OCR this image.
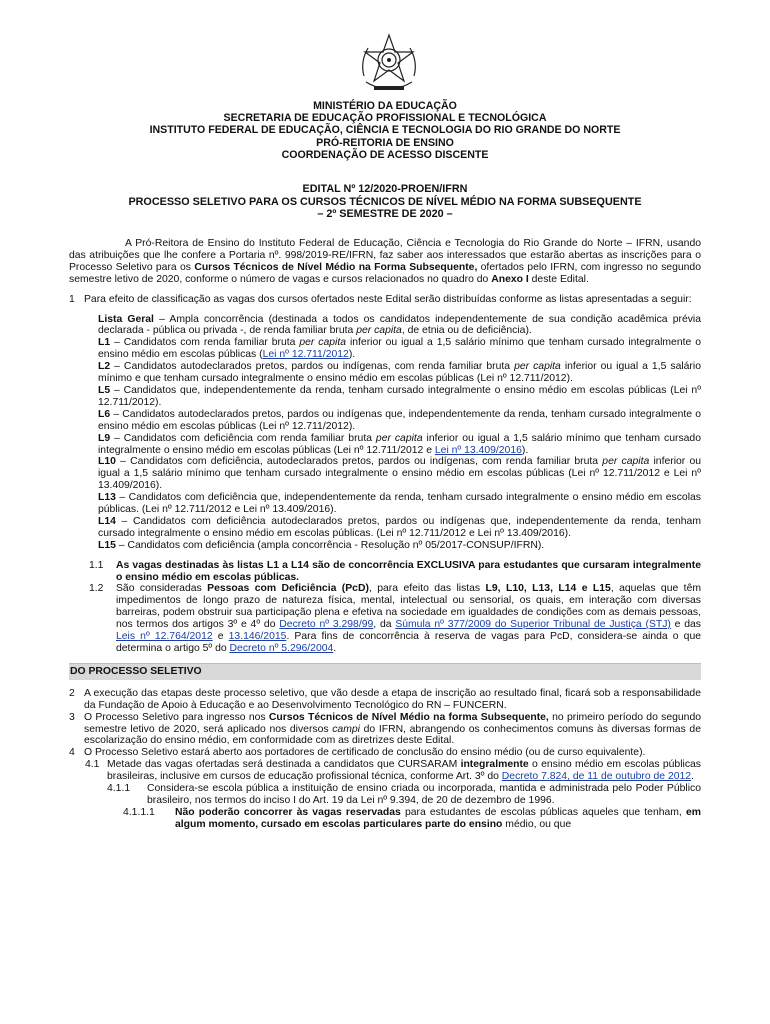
MINISTÉRIO DA EDUCAÇÃO
SECRETARIA DE EDUCAÇÃO PROFISSIONAL E TECNOLÓGICA
INSTITUTO FEDERAL DE EDUCAÇÃO, CIÊNCIA E TECNOLOGIA DO RIO GRANDE DO NORTE
PRÓ-REITORIA DE ENSINO
COORDENAÇÃO DE ACESSO DISCENTE
EDITAL Nº 12/2020-PROEN/IFRN
PROCESSO SELETIVO PARA OS CURSOS TÉCNICOS DE NÍVEL MÉDIO NA FORMA SUBSEQUENTE
– 2º SEMESTRE DE 2020 –

A Pró-Reitora de Ensino do Instituto Federal de Educação, Ciência e Tecnologia do Rio Grande do Norte – IFRN, usando das atribuições que lhe confere a Portaria nº. 998/2019-RE/IFRN, faz saber aos interessados que estarão abertas as inscrições para o Processo Seletivo para os Cursos Técnicos de Nível Médio na Forma Subsequente, ofertados pelo IFRN, com ingresso no segundo semestre letivo de 2020, conforme o número de vagas e cursos relacionados no quadro do Anexo I deste Edital.

1 Para efeito de classificação as vagas dos cursos ofertados neste Edital serão distribuídas conforme as listas apresentadas a seguir:

Lista Geral – Ampla concorrência (destinada a todos os candidatos independentemente de sua condição acadêmica prévia declarada - pública ou privada -, de renda familiar bruta per capita, de etnia ou de deficiência).

L1 – Candidatos com renda familiar bruta per capita inferior ou igual a 1,5 salário mínimo que tenham cursado integralmente o ensino médio em escolas públicas (Lei nº 12.711/2012).

L2 – Candidatos autodeclarados pretos, pardos ou indígenas, com renda familiar bruta per capita inferior ou igual a 1,5 salário mínimo e que tenham cursado integralmente o ensino médio em escolas públicas (Lei nº 12.711/2012).

L5 – Candidatos que, independentemente da renda, tenham cursado integralmente o ensino médio em escolas públicas (Lei nº 12.711/2012).

L6 – Candidatos autodeclarados pretos, pardos ou indígenas que, independentemente da renda, tenham cursado integralmente o ensino médio em escolas públicas (Lei nº 12.711/2012).

L9 – Candidatos com deficiência com renda familiar bruta per capita inferior ou igual a 1,5 salário mínimo que tenham cursado integralmente o ensino médio em escolas públicas (Lei nº 12.711/2012 e Lei nº 13.409/2016).

L10 – Candidatos com deficiência, autodeclarados pretos, pardos ou indígenas, com renda familiar bruta per capita inferior ou igual a 1,5 salário mínimo que tenham cursado integralmente o ensino médio em escolas públicas (Lei nº 12.711/2012 e Lei nº 13.409/2016).

L13 – Candidatos com deficiência que, independentemente da renda, tenham cursado integralmente o ensino médio em escolas públicas. (Lei nº 12.711/2012 e Lei nº 13.409/2016).

L14 – Candidatos com deficiência autodeclarados pretos, pardos ou indígenas que, independentemente da renda, tenham cursado integralmente o ensino médio em escolas públicas. (Lei nº 12.711/2012 e Lei nº 13.409/2016).

L15 – Candidatos com deficiência (ampla concorrência - Resolução nº 05/2017-CONSUP/IFRN).

1.1	As vagas destinadas às listas L1 a L14 são de concorrência EXCLUSIVA para estudantes que cursaram integralmente o ensino médio em escolas públicas.
1.2	São consideradas Pessoas com Deficiência (PcD), para efeito das listas L9, L10, L13, L14 e L15, aquelas que têm impedimentos de longo prazo de natureza física, mental, intelectual ou sensorial, os quais, em interação com diversas barreiras, podem obstruir sua participação plena e efetiva na sociedade em igualdades de condições com as demais pessoas, nos termos dos artigos 3º e 4º do Decreto nº 3.298/99, da Súmula nº 377/2009 do Superior Tribunal de Justiça (STJ) e das Leis nº 12.764/2012 e 13.146/2015. Para fins de concorrência à reserva de vagas para PcD, considera-se ainda o que determina o artigo 5º do Decreto nº 5.296/2004.
DO PROCESSO SELETIVO
2 A execução das etapas deste processo seletivo, que vão desde a etapa de inscrição ao resultado final, ficará sob a responsabilidade da Fundação de Apoio à Educação e ao Desenvolvimento Tecnológico do RN – FUNCERN.
3 O Processo Seletivo para ingresso nos Cursos Técnicos de Nível Médio na forma Subsequente, no primeiro período do segundo semestre letivo de 2020, será aplicado nos diversos campi do IFRN, abrangendo os conhecimentos comuns às diversas formas de escolarização do ensino médio, em conformidade com as diretrizes deste Edital.
4 O Processo Seletivo estará aberto aos portadores de certificado de conclusão do ensino médio (ou de curso equivalente).
4.1 Metade das vagas ofertadas será destinada a candidatos que CURSARAM integralmente o ensino médio em escolas públicas brasileiras, inclusive em cursos de educação profissional técnica, conforme Art. 3º do Decreto 7.824, de 11 de outubro de 2012.
4.1.1	Considera-se escola pública a instituição de ensino criada ou incorporada, mantida e administrada pelo Poder Público brasileiro, nos termos do inciso I do Art. 19 da Lei nº 9.394, de 20 de dezembro de 1996.
4.1.1.1	Não poderão concorrer às vagas reservadas para estudantes de escolas públicas aqueles que tenham, em algum momento, cursado em escolas particulares parte do ensino médio, ou que
